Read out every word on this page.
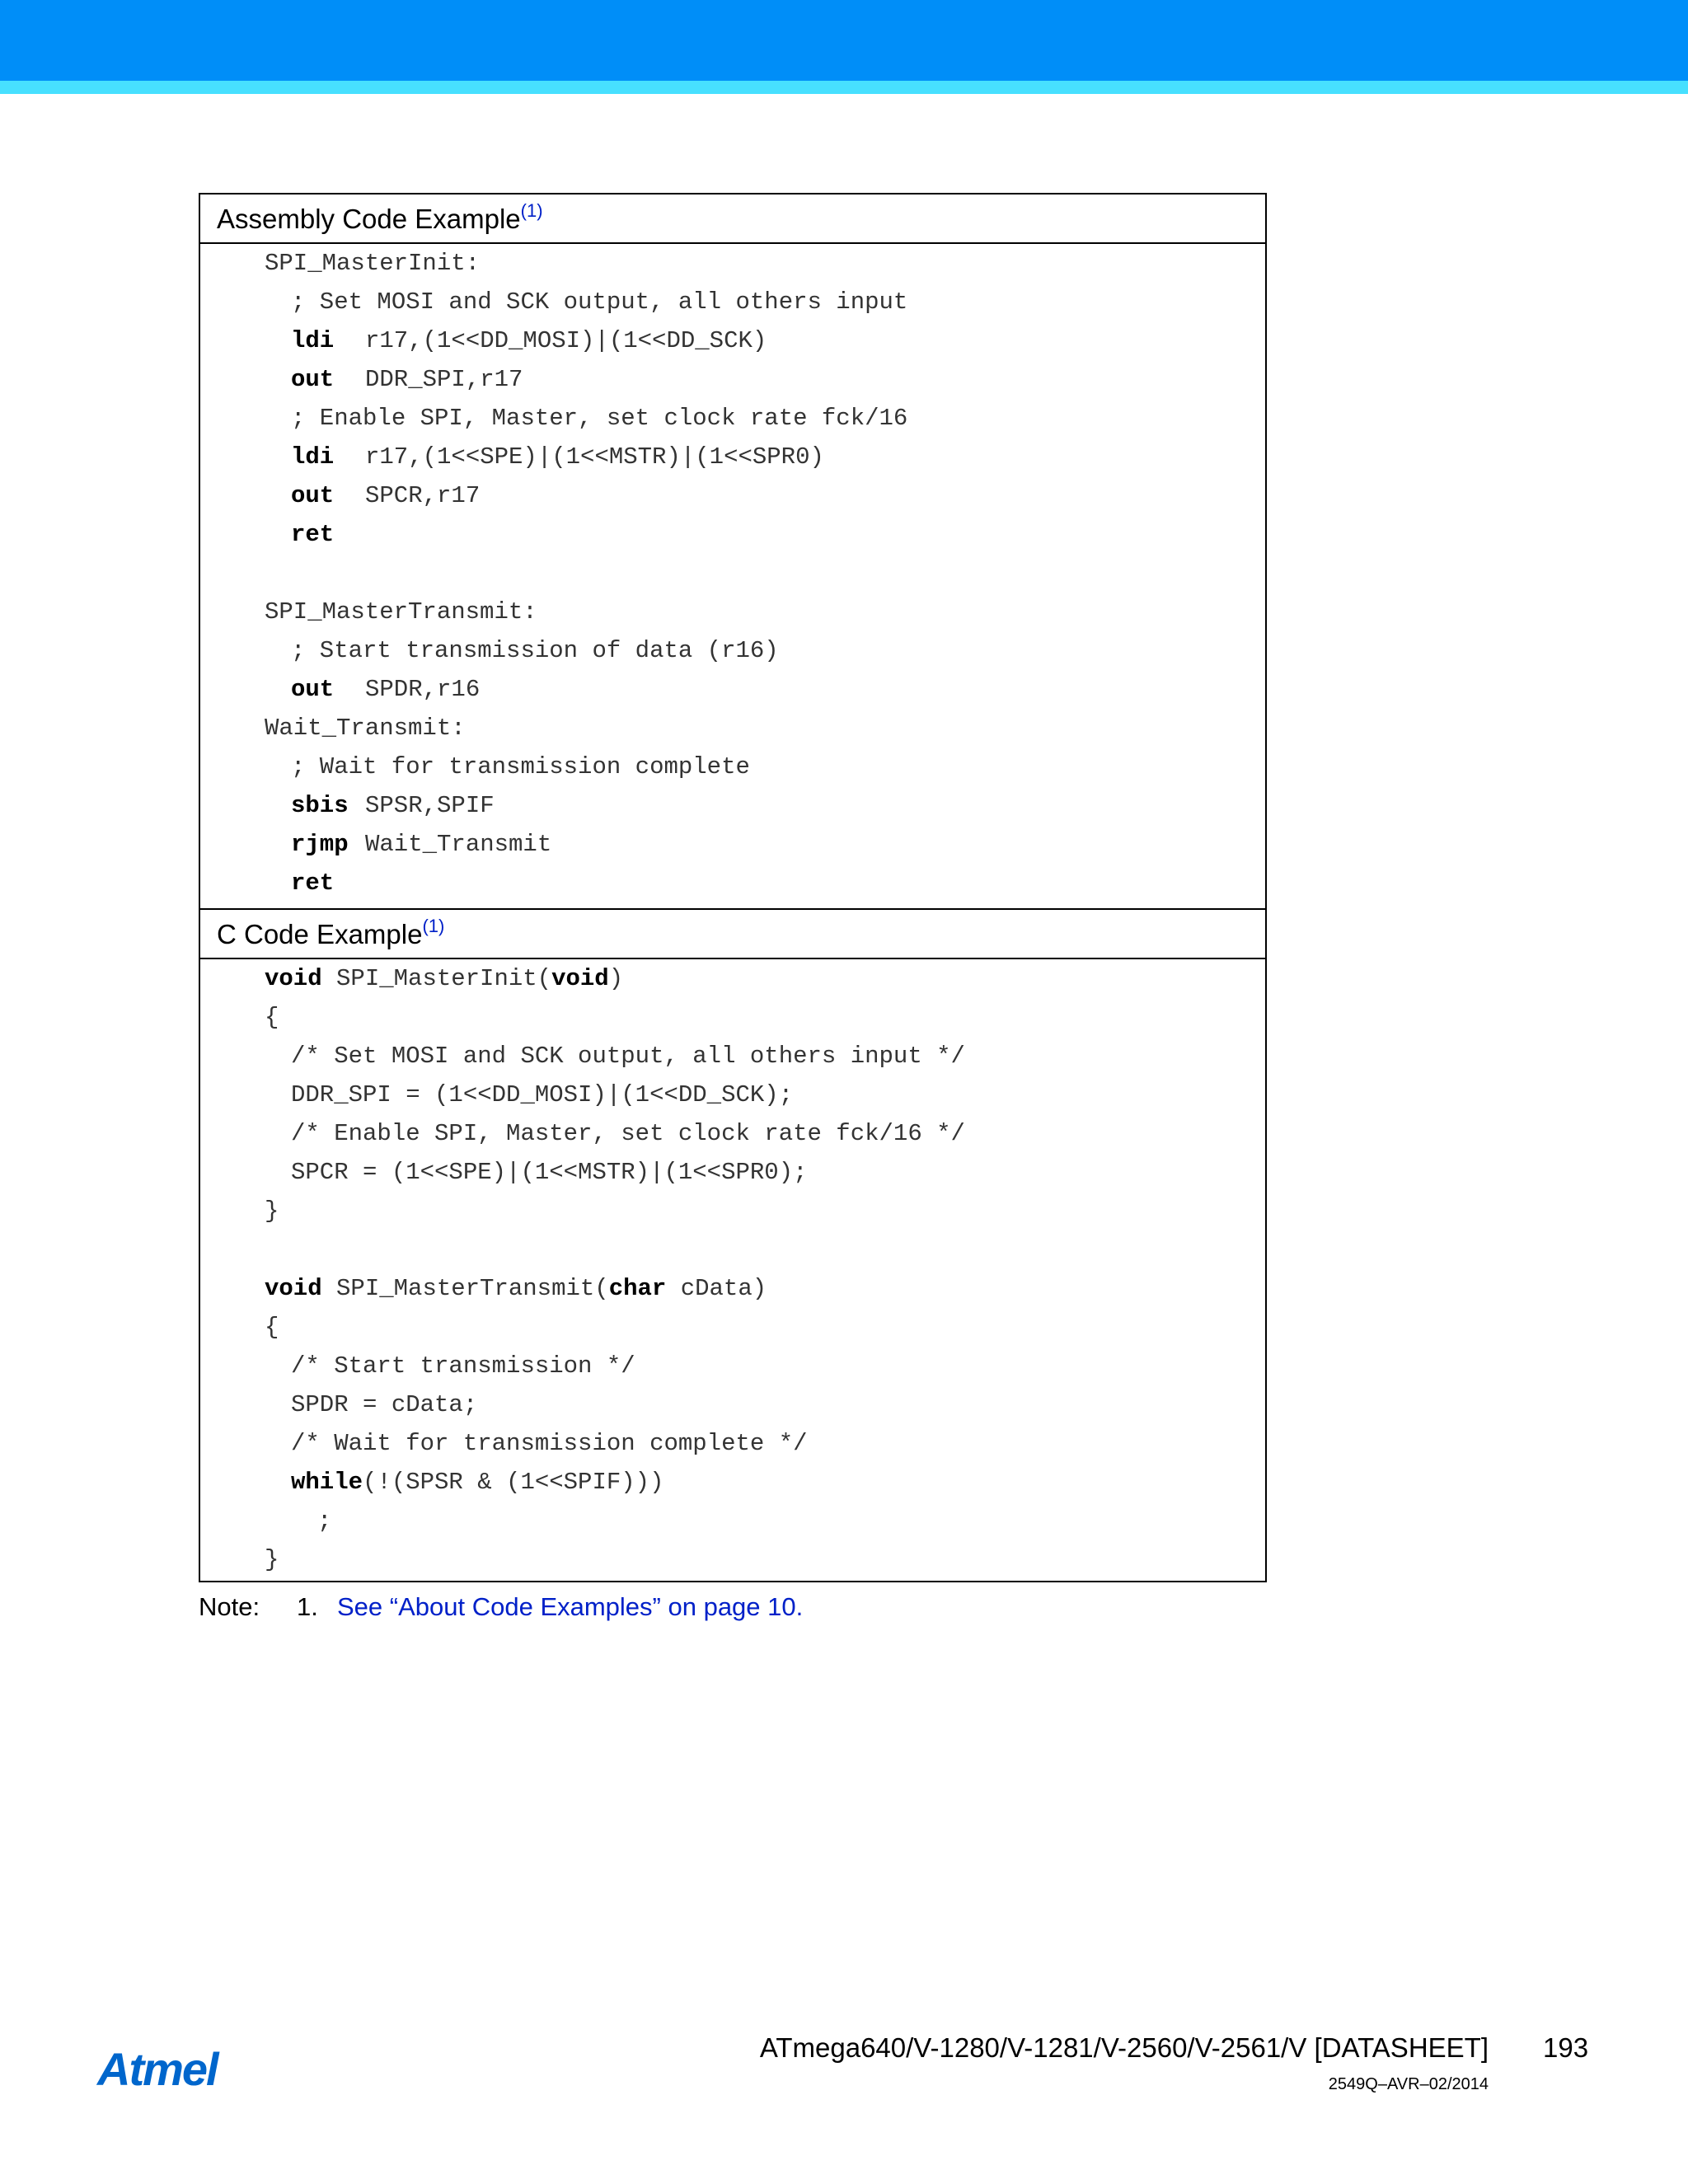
Assembly Code Example$^{(1)}$
SPI_MasterInit:
; Set MOSI and SCK output, all others input
ldi r17,(1<<DD_MOSI)|(1<<DD_SCK)
out DDR_SPI,r17
; Enable SPI, Master, set clock rate fck/16
ldi r17,(1<<SPE)|(1<<MSTR)|(1<<SPR0)
out SPCR,r17
ret
SPI_MasterTransmit:
; Start transmission of data (r16)
out SPDR,r16
Wait_Transmit:
; Wait for transmission complete
sbis SPSR,SPIF
rjmp Wait_Transmit
ret
C Code Example$^{(1)}$
void SPI_MasterInit(void)
{
/* Set MOSI and SCK output, all others input */
DDR_SPI = (1<<DD_MOSI)|(1<<DD_SCK);
/* Enable SPI, Master, set clock rate fck/16 */
SPCR = (1<<SPE)|(1<<MSTR)|(1<<SPR0);
}
void SPI_MasterTransmit(char cData)
{
/* Start transmission */
SPDR = cData;
/* Wait for transmission complete */
while(!(SPSR & (1<<SPIF)))
;
}
Note: 1. See “About Code Examples” on page 10.
Atmel	ATmega640/V-1280/V-1281/V-2560/V-2561/V [DATASHEET] 193
2549Q–AVR–02/2014
